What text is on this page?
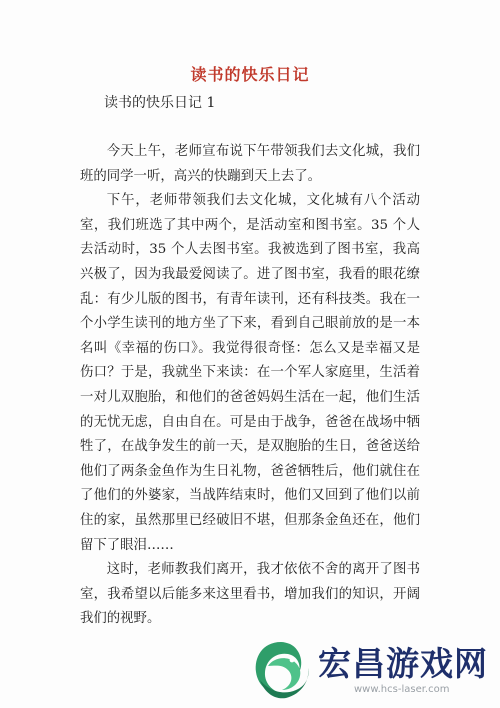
读书的快乐日记
读书的快乐日记 1

今天上午，老师宣布说下午带领我们去文化城，我们班的同学一听，高兴的快蹦到天上去了。

下午，老师带领我们去文化城，文化城有八个活动室，我们班选了其中两个，是活动室和图书室。35 个人去活动时，35 个人去图书室。我被选到了图书室，我高兴极了，因为我最爱阅读了。进了图书室，我看的眼花缭乱：有少儿版的图书，有青年读刊，还有科技类。我在一个小学生读刊的地方坐了下来，看到自己眼前放的是一本名叫《幸福的伤口》。我觉得很奇怪：怎么又是幸福又是伤口？于是，我就坐下来读：在一个军人家庭里，生活着一对儿双胞胎，和他们的爸爸妈妈生活在一起，他们生活的无忧无虑，自由自在。可是由于战争，爸爸在战场中牺牲了，在战争发生的前一天，是双胞胎的生日，爸爸送给他们了两条金鱼作为生日礼物，爸爸牺牲后，他们就住在了他们的外婆家，当战阵结束时，他们又回到了他们以前住的家，虽然那里已经破旧不堪，但那条金鱼还在，他们留下了眼泪……

这时，老师教我们离开，我才依依不舍的离开了图书室，我希望以后能多来这里看书，增加我们的知识，开阔我们的视野。

宏昌游戏网
www.hcs-laser.com
